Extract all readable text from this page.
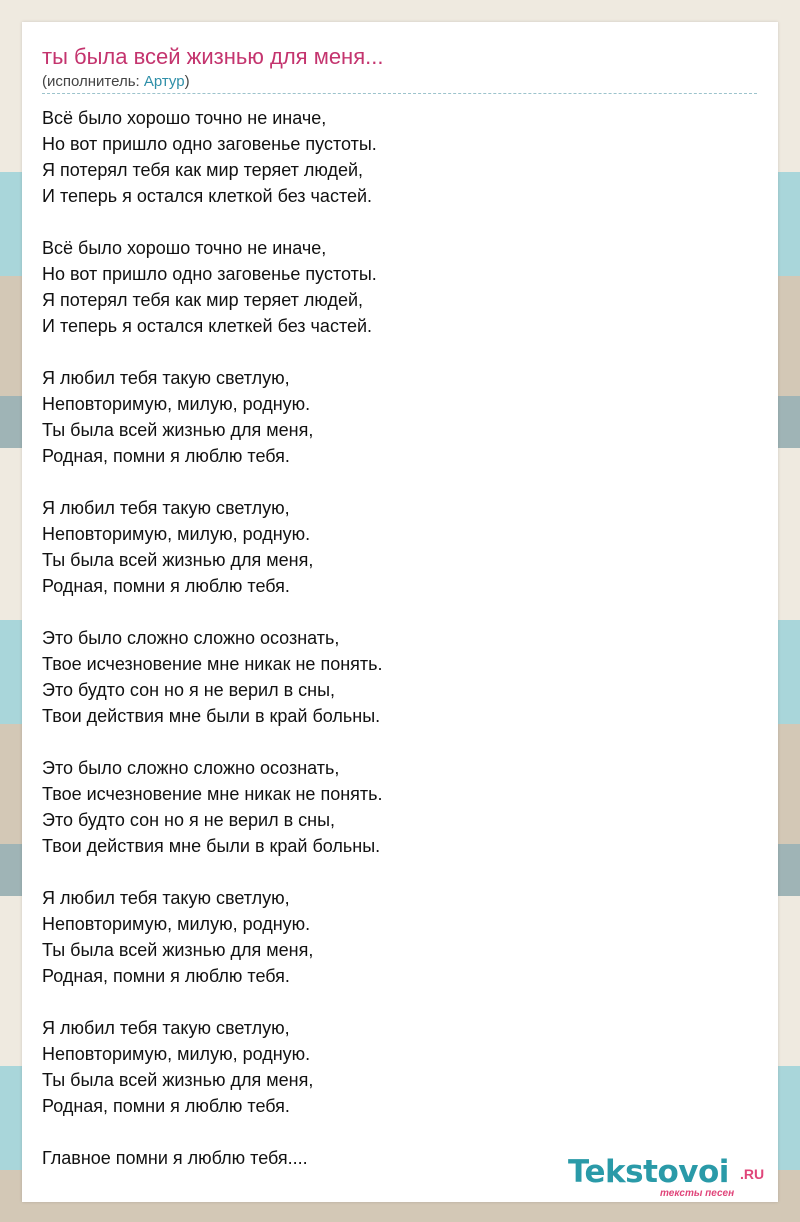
ты была всей жизнью для меня...
(исполнитель: Артур)
Всё было хорошо точно не иначе,
Но вот пришло одно заговенье пустоты.
Я потерял тебя как мир теряет людей,
И теперь я остался клеткой без частей.
Всё было хорошо точно не иначе,
Но вот пришло одно заговенье пустоты.
Я потерял тебя как мир теряет людей,
И теперь я остался клеткей без частей.
Я любил тебя такую светлую,
Неповторимую, милую, родную.
Ты была всей жизнью для меня,
Родная, помни я люблю тебя.
Я любил тебя такую светлую,
Неповторимую, милую, родную.
Ты была всей жизнью для меня,
Родная, помни я люблю тебя.
Это было сложно сложно осознать,
Твое исчезновение мне никак не понять.
Это будто сон но я не верил в сны,
Твои действия мне были в край больны.
Это было сложно сложно осознать,
Твое исчезновение мне никак не понять.
Это будто сон но я не верил в сны,
Твои действия мне были в край больны.
Я любил тебя такую светлую,
Неповторимую, милую, родную.
Ты была всей жизнью для меня,
Родная, помни я люблю тебя.
Я любил тебя такую светлую,
Неповторимую, милую, родную.
Ты была всей жизнью для меня,
Родная, помни я люблю тебя.
Главное помни я люблю тебя....	Tekstovoi .RU
тексты песен
